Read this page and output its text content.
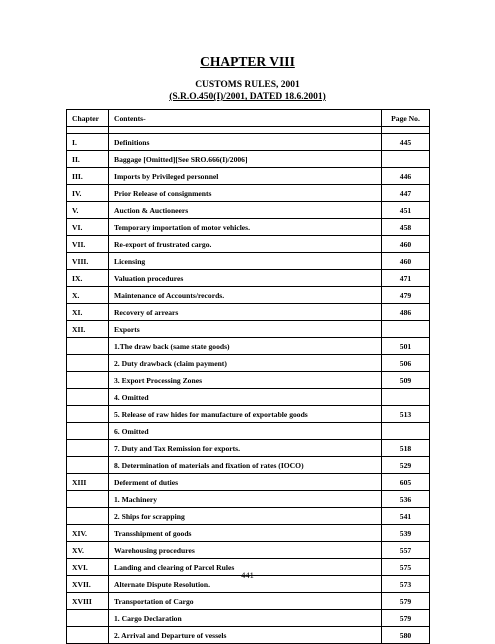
CHAPTER VIII
CUSTOMS RULES, 2001
(S.R.O.450(I)/2001, DATED 18.6.2001)
Chapter	Contents-	Page No.

I.	Definitions	445
II.	Baggage [Omitted][See SRO.666(I)/2006]	
III.	Imports by Privileged personnel	446
IV.	Prior Release of consignments	447
V.	Auction & Auctioneers	451
VI.	Temporary importation of motor vehicles.	458
VII.	Re-export of frustrated cargo.	460
VIII.	Licensing	460
IX.	Valuation procedures	471
X.	Maintenance of Accounts/records.	479
XI.	Recovery of arrears	486
XII.	Exports	
	1.The draw back (same state goods)	501
	2. Duty drawback (claim payment)	506
	3. Export Processing Zones	509
	4. Omitted	
	5. Release of raw hides for manufacture of exportable goods	513
	6. Omitted	
	7. Duty and Tax Remission for exports.	518
	8. Determination of materials and fixation of rates (IOCO)	529
XIII	Deferment of duties	605
	1. Machinery	536
	2. Ships for scrapping	541
XIV.	Transshipment of goods	539
XV.	Warehousing procedures	557
XVI.	Landing and clearing of Parcel Rules	575
XVII.	Alternate Dispute Resolution.	573
XVIII	Transportation of Cargo	579
	1. Cargo Declaration	579
	2. Arrival and Departure of vessels	580
441
